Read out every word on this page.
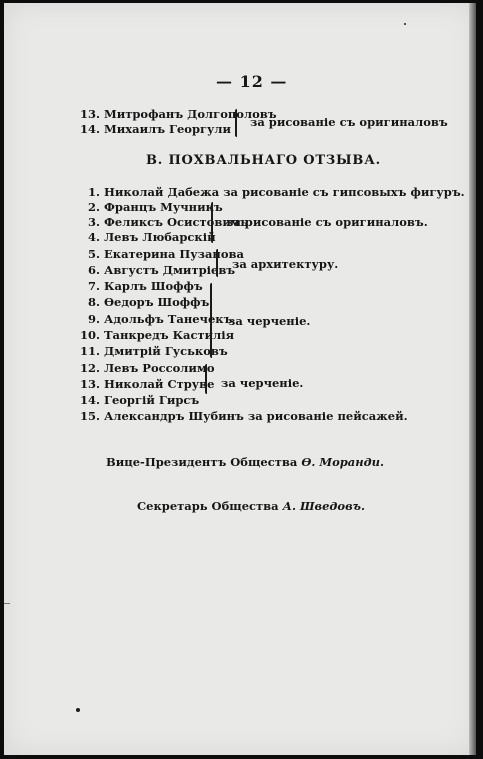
— 12 —
13. Митрофанъ Долгополовъ
14. Михаилъ Георгули за рисованіе съ оригиналовъ
В. ПОХВАЛЬНАГО ОТЗЫВА.
1. Николай Дабежа за рисованіе съ гипсовыхъ фигуръ.
2. Францъ Мучникъ
3. Феликсъ Осистовичъ
4. Левъ Любарскій
5. Екатерина Пузанова
6. Августъ Дмитріевъ
7. Карлъ Шоффъ
8. Ѳедоръ Шоффъ
9. Адольфъ Танечекъ
10. Танкредъ Кастилія
11. Дмитрій Гуськовъ
12. Левъ Россолимо
13. Николай Струве
14. Георгій Гирсъ
15. Александръ Шубинъ за рисованіе пейсажей.
за рисованіе съ оригиналовъ.
за архитектуру.
за черченіе.
за черченіе.
Вице-Президентъ Общества Ѳ. Моранди.
Секретарь Общества А. Шведовъ.
